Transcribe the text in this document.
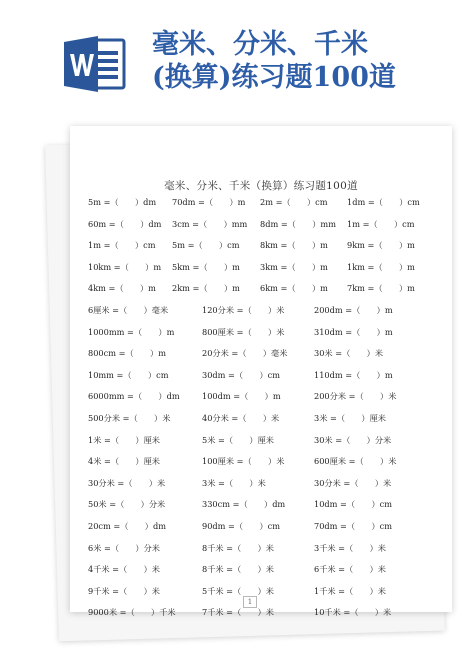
毫米、分米、千米
(换算)练习题100道
毫米、分米、千米（换算）练习题100道
5m =（　　）dm 70dm =（　　）m 2m =（　　）cm 1dm =（　　）cm
60m =（　　）dm 3cm =（　　）mm 8dm =（　　）mm 1m =（　　）cm
1m =（　　）cm 5m =（　　）cm 8km =（　　）m 9km =（　　）m
10km =（　　）m 5km =（　　）m 3km =（　　）m 1km =（　　）m
4km =（　　）m 2km =（　　）m 6km =（　　）m 7km =（　　）m
6厘米 =（　　）毫米	120分米 =（　　）米	200dm =（　　）m
1000mm =（　　）m	800厘米 =（　　）米	310dm =（　　）m
800cm =（　　）m	20分米 =（　　）毫米	30米 =（　　）米
10mm =（　　）cm	30dm =（　　）cm	110dm =（　　）m
6000mm =（　　）dm	100dm =（　　）m	200分米 =（　　）米
500分米 =（　　）米	40分米 =（　　）米	3米 =（　　）厘米
1米 =（　　）厘米	5米 =（　　）厘米	30米 =（　　）分米
4米 =（　　）厘米	100厘米 =（　　）米	600厘米 =（　　）米
30分米 =（　　）米	3米 =（　　）米	30分米 =（　　）米
50米 =（　　）分米	330cm =（　　）dm	10dm =（　　）cm
20cm =（　　）dm	90dm =（　　）cm	70dm =（　　）cm
6米 =（　　）分米	8千米 =（　　）米	3千米 =（　　）米
4千米 =（　　）米	8千米 =（　　）米	6千米 =（　　）米
9千米 =（　　）米	5千米 =（　　）米	1千米 =（　　）米
9000米 =（　　）千米	7千米 =（　　）米	10千米 =（　　）米
1
